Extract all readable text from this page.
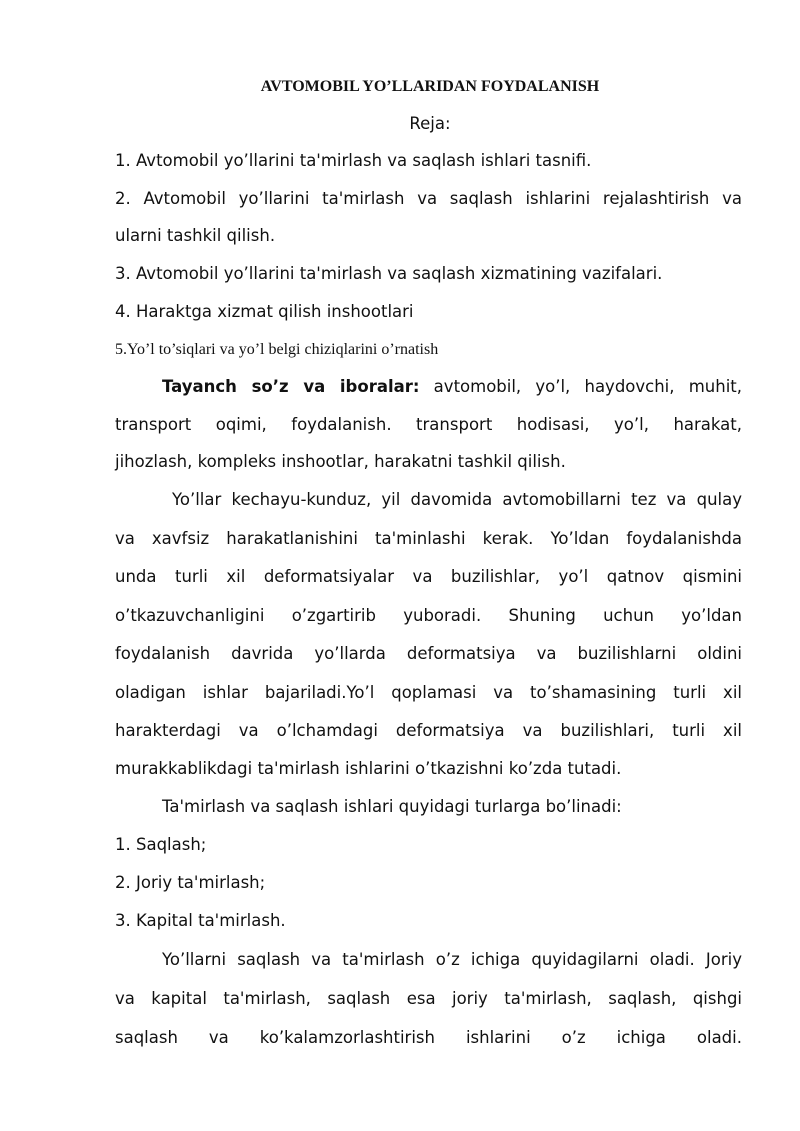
AVTOMOBIL YO’LLARIDAN FOYDALANISH
Reja:
1. Avtomobil yo’llarini ta'mirlash va saqlash ishlari tasnifi.
2. Avtomobil yo’llarini ta'mirlash va saqlash ishlarini rejalashtirish va
ularni tashkil qilish.
3. Avtomobil yo’llarini ta'mirlash va saqlash xizmatining vazifalari.
4. Haraktga xizmat qilish inshootlari
5.Yo’l to’siqlari va yo’l belgi chiziqlarini o’rnatish
Tayanch so’z va iboralar: avtomobil, yo’l, haydovchi, muhit,
transport oqimi, foydalanish. transport hodisasi, yo’l, harakat,
jihozlash, kompleks inshootlar, harakatni tashkil qilish.
Yo’llar kechayu-kunduz, yil davomida avtomobillarni tez va qulay
va xavfsiz harakatlanishini ta'minlashi kerak. Yo’ldan foydalanishda
unda turli xil deformatsiyalar va buzilishlar, yo’l qatnov qismini
o’tkazuvchanligini o’zgartirib yuboradi. Shuning uchun yo’ldan
foydalanish davrida yo’llarda deformatsiya va buzilishlarni oldini
oladigan ishlar bajariladi.Yo’l qoplamasi va to’shamasining turli xil
harakterdagi va o’lchamdagi deformatsiya va buzilishlari, turli xil
murakkablikdagi ta'mirlash ishlarini o’tkazishni ko’zda tutadi.
Ta'mirlash va saqlash ishlari quyidagi turlarga bo’linadi:
1. Saqlash;
2. Joriy ta'mirlash;
3. Kapital ta'mirlash.
Yo’llarni saqlash va ta'mirlash o’z ichiga quyidagilarni oladi. Joriy
va kapital ta'mirlash, saqlash esa joriy ta'mirlash, saqlash, qishgi
saqlash va ko’kalamzorlashtirish ishlarini o’z ichiga oladi.
